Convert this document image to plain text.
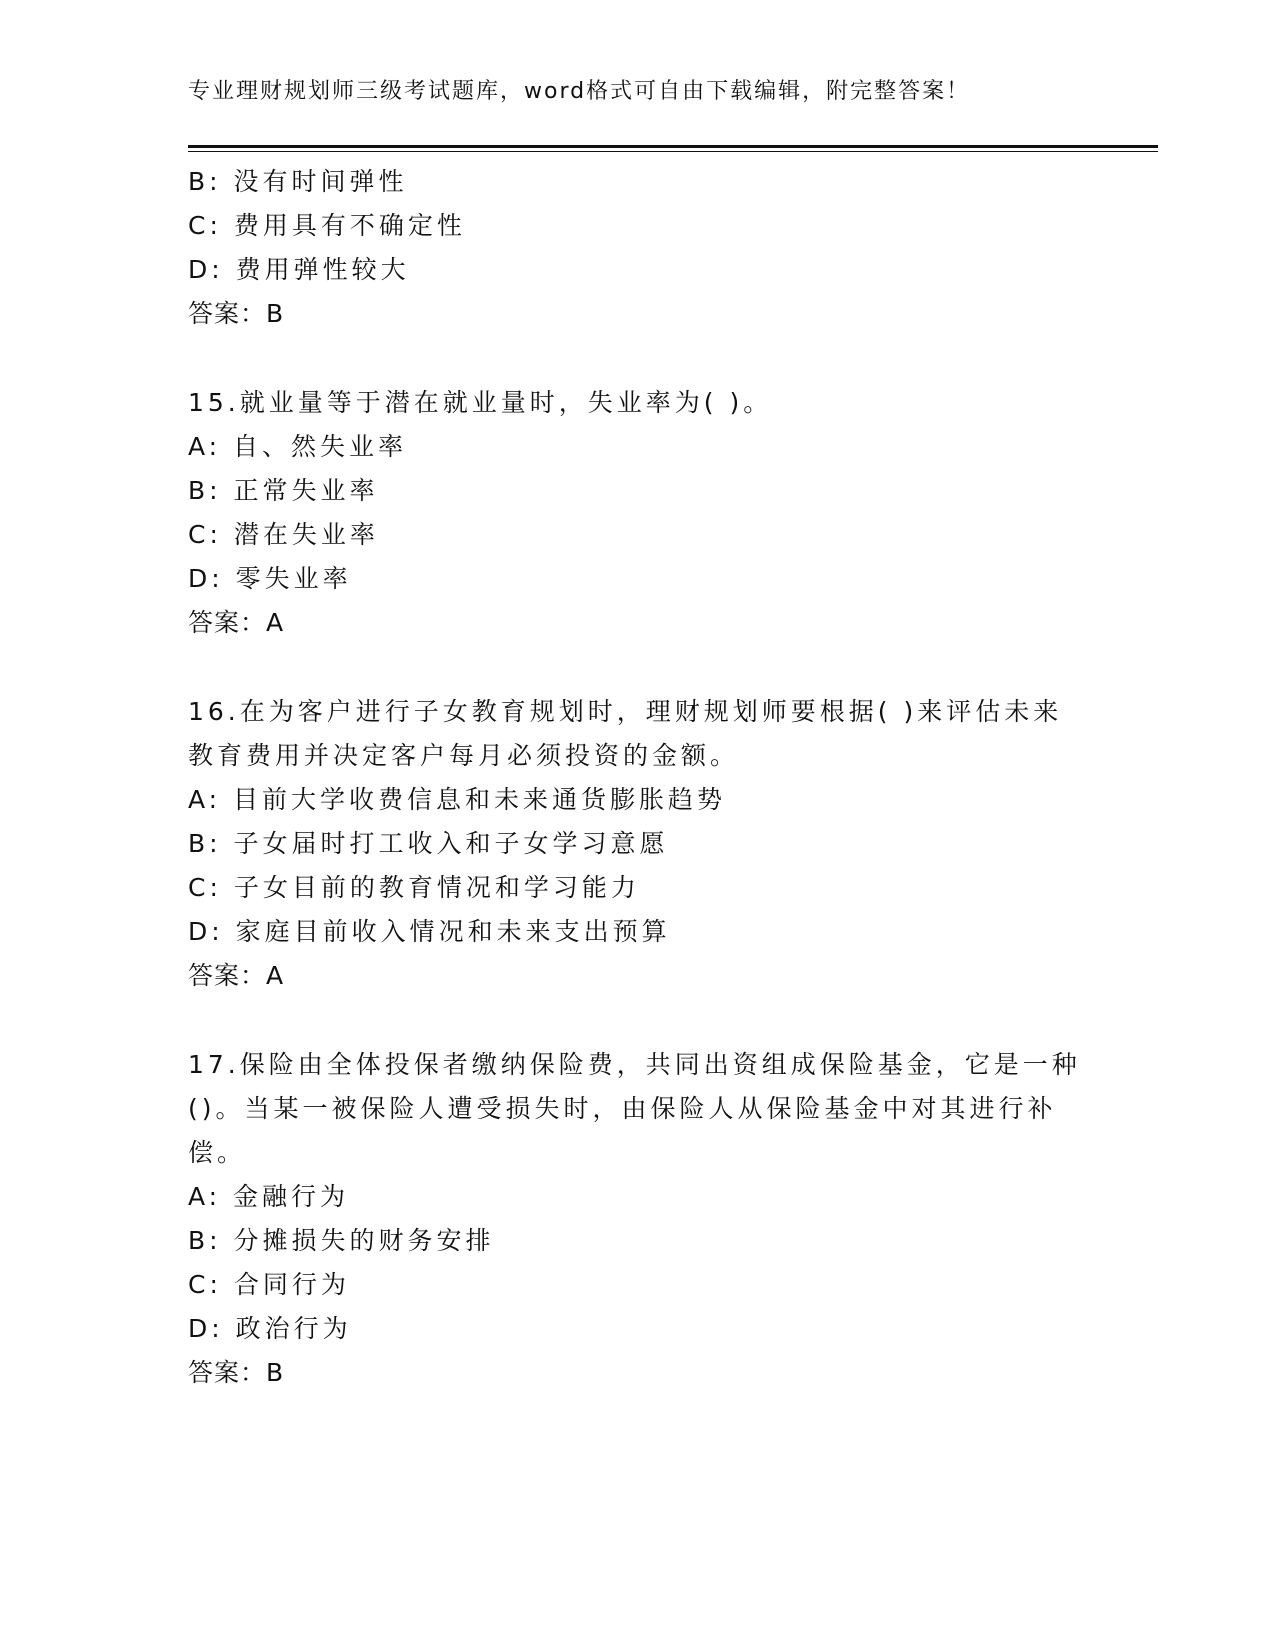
专业理财规划师三级考试题库，word格式可自由下载编辑，附完整答案！
B: 没有时间弹性
C: 费用具有不确定性
D: 费用弹性较大
答案：B
15.就业量等于潜在就业量时，失业率为( )。
A: 自、然失业率
B: 正常失业率
C: 潜在失业率
D: 零失业率
答案：A
16.在为客户进行子女教育规划时，理财规划师要根据( )来评估未来
教育费用并决定客户每月必须投资的金额。
A: 目前大学收费信息和未来通货膨胀趋势
B: 子女届时打工收入和子女学习意愿
C: 子女目前的教育情况和学习能力
D: 家庭目前收入情况和未来支出预算
答案：A
17.保险由全体投保者缴纳保险费，共同出资组成保险基金，它是一种
()。当某一被保险人遭受损失时，由保险人从保险基金中对其进行补
偿。
A: 金融行为
B: 分摊损失的财务安排
C: 合同行为
D: 政治行为
答案：B
